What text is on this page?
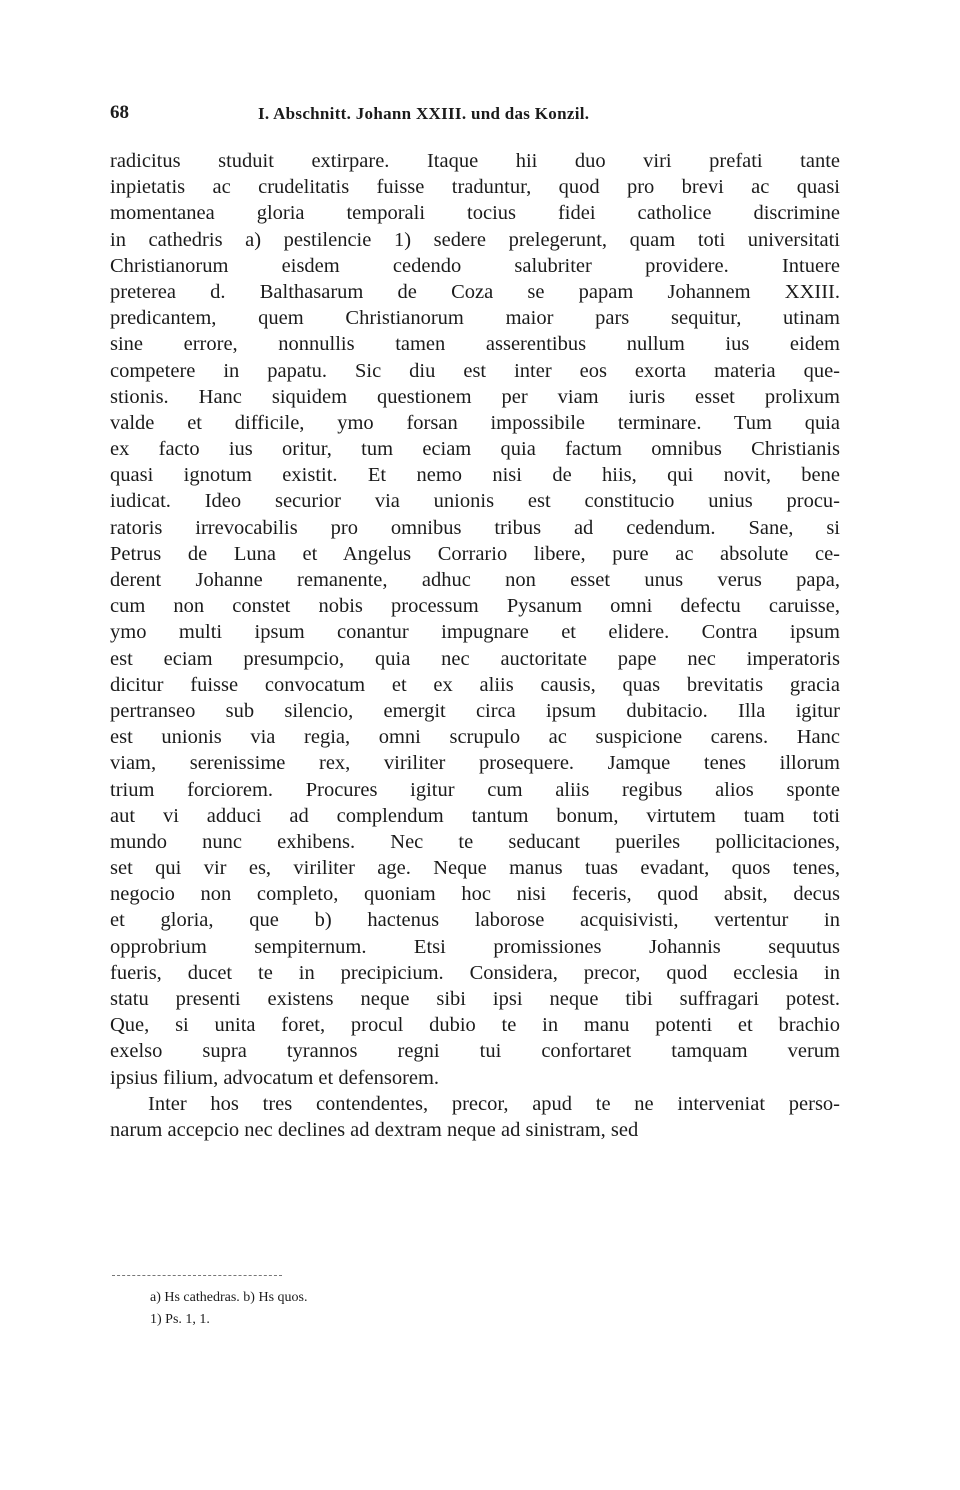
68	I. Abschnitt. Johann XXIII. und das Konzil.
radicitus studuit extirpare. Itaque hii duo viri prefati tante
inpietatis ac crudelitatis fuisse traduntur, quod pro brevi ac quasi
momentanea gloria temporali tocius fidei catholice discrimine
in cathedris a) pestilencie 1) sedere prelegerunt, quam toti universitati
Christianorum eisdem cedendo salubriter providere. Intuere
preterea d. Balthasarum de Coza se papam Johannem XXIII.
predicantem, quem Christianorum maior pars sequitur, utinam
sine errore, nonnullis tamen asserentibus nullum ius eidem
competere in papatu. Sic diu est inter eos exorta materia que-
stionis. Hanc siquidem questionem per viam iuris esset prolixum
valde et difficile, ymo forsan impossibile terminare. Tum quia
ex facto ius oritur, tum eciam quia factum omnibus Christianis
quasi ignotum existit. Et nemo nisi de hiis, qui novit, bene
iudicat. Ideo securior via unionis est constitucio unius procu-
ratoris irrevocabilis pro omnibus tribus ad cedendum. Sane, si
Petrus de Luna et Angelus Corrario libere, pure ac absolute ce-
derent Johanne remanente, adhuc non esset unus verus papa,
cum non constet nobis processum Pysanum omni defectu caruisse,
ymo multi ipsum conantur impugnare et elidere. Contra ipsum
est eciam presumpcio, quia nec auctoritate pape nec imperatoris
dicitur fuisse convocatum et ex aliis causis, quas brevitatis gracia
pertranseo sub silencio, emergit circa ipsum dubitacio. Illa igitur
est unionis via regia, omni scrupulo ac suspicione carens. Hanc
viam, serenissime rex, viriliter prosequere. Jamque tenes illorum
trium forciorem. Procures igitur cum aliis regibus alios sponte
aut vi adduci ad complendum tantum bonum, virtutem tuam toti
mundo nunc exhibens. Nec te seducant pueriles pollicitaciones,
set qui vir es, viriliter age. Neque manus tuas evadant, quos tenes,
negocio non completo, quoniam hoc nisi feceris, quod absit, decus
et gloria, que b) hactenus laborose acquisivisti, vertentur in
opprobrium sempiternum. Etsi promissiones Johannis sequutus
fueris, ducet te in precipicium. Considera, precor, quod ecclesia in
statu presenti existens neque sibi ipsi neque tibi suffragari potest.
Que, si unita foret, procul dubio te in manu potenti et brachio
exelso supra tyrannos regni tui confortaret tamquam verum
ipsius filium, advocatum et defensorem.
Inter hos tres contendentes, precor, apud te ne interveniat perso-
narum accepcio nec declines ad dextram neque ad sinistram, sed
a) Hs cathedras. b) Hs quos.
1) Ps. 1, 1.
